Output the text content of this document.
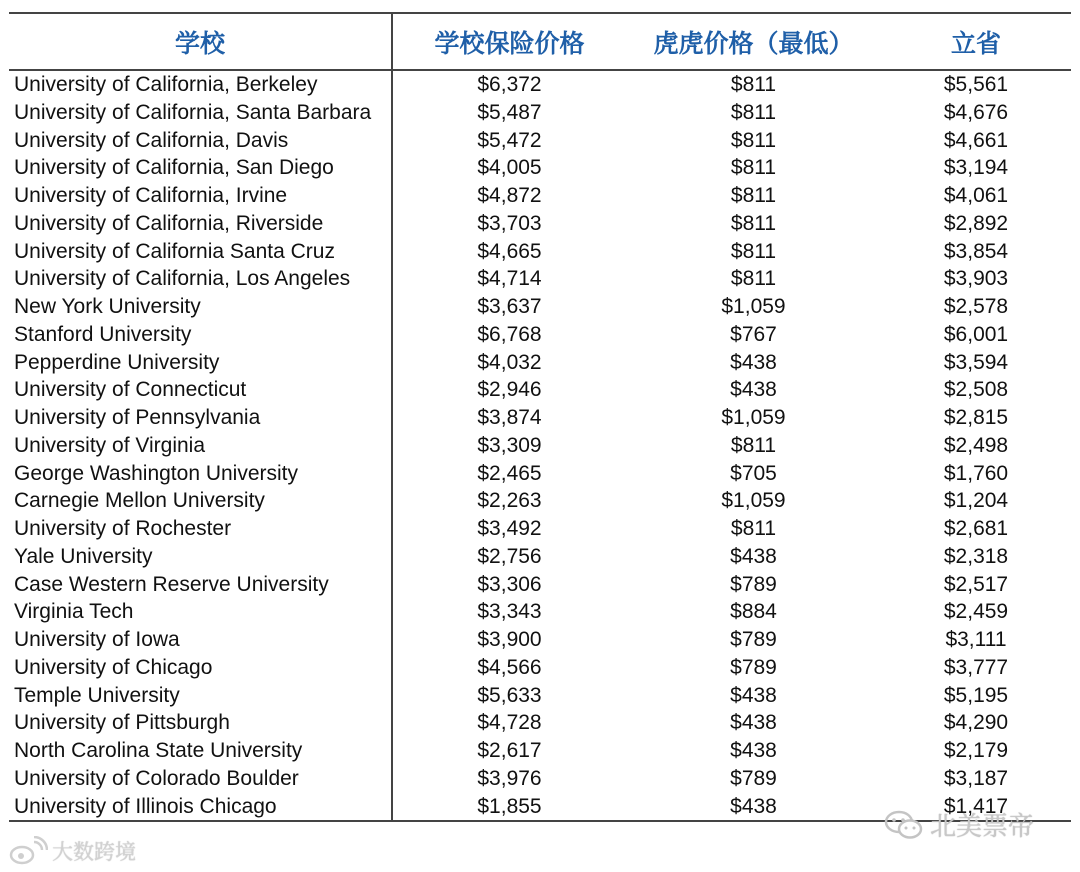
学校	学校保险价格	虎虎价格（最低）	立省
University of California, Berkeley	$6,372	$811	$5,561
University of California, Santa Barbara	$5,487	$811	$4,676
University of California, Davis	$5,472	$811	$4,661
University of California, San Diego	$4,005	$811	$3,194
University of California, Irvine	$4,872	$811	$4,061
University of California, Riverside	$3,703	$811	$2,892
University of California Santa Cruz	$4,665	$811	$3,854
University of California, Los Angeles	$4,714	$811	$3,903
New York University	$3,637	$1,059	$2,578
Stanford University	$6,768	$767	$6,001
Pepperdine University	$4,032	$438	$3,594
University of Connecticut	$2,946	$438	$2,508
University of Pennsylvania	$3,874	$1,059	$2,815
University of Virginia	$3,309	$811	$2,498
George Washington University	$2,465	$705	$1,760
Carnegie Mellon University	$2,263	$1,059	$1,204
University of Rochester	$3,492	$811	$2,681
Yale University	$2,756	$438	$2,318
Case Western Reserve University	$3,306	$789	$2,517
Virginia Tech	$3,343	$884	$2,459
University of Iowa	$3,900	$789	$3,111
University of Chicago	$4,566	$789	$3,777
Temple University	$5,633	$438	$5,195
University of Pittsburgh	$4,728	$438	$4,290
North Carolina State University	$2,617	$438	$2,179
University of Colorado Boulder	$3,976	$789	$3,187
University of Illinois Chicago	$1,855	$438	$1,417
大数跨境
北美票帝
